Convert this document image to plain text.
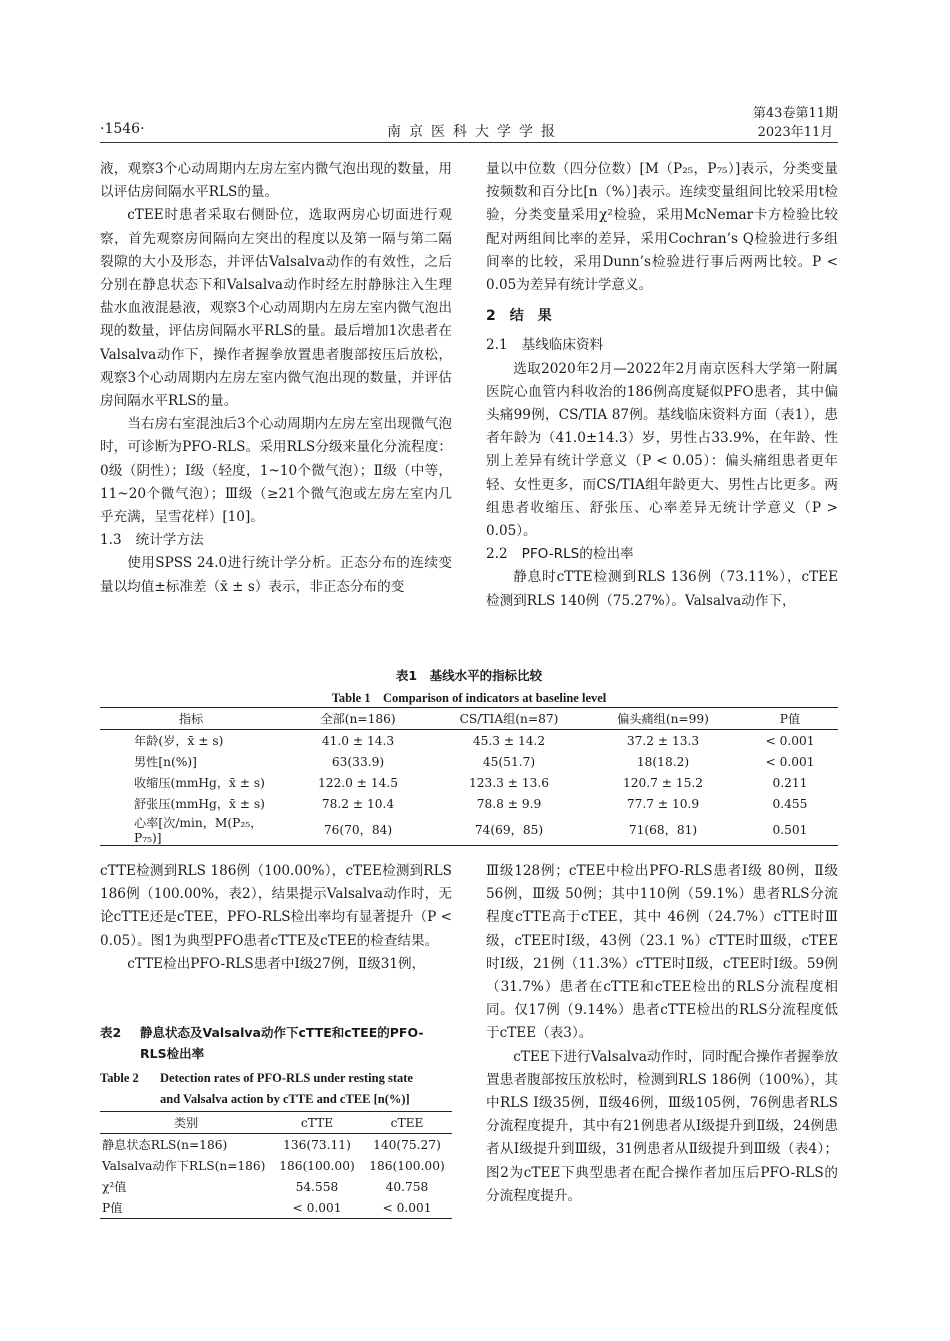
·1546·	南京医科大学学报
第43卷第11期
2023年11月

液，观察3个心动周期内左房左室内微气泡出现的数量，用以评估房间隔水平RLS的量。

cTEE时患者采取右侧卧位，选取两房心切面进行观察，首先观察房间隔向左突出的程度以及第一隔与第二隔裂隙的大小及形态，并评估Valsalva动作的有效性，之后分别在静息状态下和Valsalva动作时经左肘静脉注入生理盐水血液混悬液，观察3个心动周期内左房左室内微气泡出现的数量，评估房间隔水平RLS的量。最后增加1次患者在Valsalva动作下，操作者握拳放置患者腹部按压后放松，观察3个心动周期内左房左室内微气泡出现的数量，并评估房间隔水平RLS的量。

当右房右室混浊后3个心动周期内左房左室出现微气泡时，可诊断为PFO-RLS。采用RLS分级来量化分流程度：0级（阴性）；Ⅰ级（轻度，1~10个微气泡）；Ⅱ级（中等，11~20个微气泡）；Ⅲ级（≥21个微气泡或左房左室内几乎充满，呈雪花样）[10]。

1.3 统计学方法

使用SPSS 24.0进行统计学分析。正态分布的连续变量以均值±标准差（x̄ ± s）表示，非正态分布的变

量以中位数（四分位数）[M（P₂₅，P₇₅）]表示，分类变量按频数和百分比[n（%）]表示。连续变量组间比较采用t检验，分类变量采用χ²检验，采用McNemar卡方检验比较配对两组间比率的差异，采用Cochran’s Q检验进行多组间率的比较，采用Dunn’s检验进行事后两两比较。P < 0.05为差异有统计学意义。

2　结　果

2.1 基线临床资料

选取2020年2月—2022年2月南京医科大学第一附属医院心血管内科收治的186例高度疑似PFO患者，其中偏头痛99例，CS/TIA 87例。基线临床资料方面（表1），患者年龄为（41.0±14.3）岁，男性占33.9%，在年龄、性别上差异有统计学意义（P < 0.05）：偏头痛组患者更年轻、女性更多，而CS/TIA组年龄更大、男性占比更多。两组患者收缩压、舒张压、心率差异无统计学意义（P > 0.05）。

2.2 PFO-RLS的检出率

静息时cTTE检测到RLS 136例（73.11%），cTEE检测到RLS 140例（75.27%）。Valsalva动作下，

表1　基线水平的指标比较
Table 1　Comparison of indicators at baseline level
指标	全部(n=186)	CS/TIA组(n=87)	偏头痛组(n=99)	P值
年龄(岁，x̄ ± s)	41.0 ± 14.3	45.3 ± 14.2	37.2 ± 13.3	< 0.001
男性[n(%)]	63(33.9)	45(51.7)	18(18.2)	< 0.001
收缩压(mmHg，x̄ ± s)	122.0 ± 14.5	123.3 ± 13.6	120.7 ± 15.2	0.211
舒张压(mmHg，x̄ ± s)	78.2 ± 10.4	78.8 ± 9.9	77.7 ± 10.9	0.455
心率[次/min，M(P₂₅，P₇₅)]	76(70，84)	74(69，85)	71(68，81)	0.501

cTTE检测到RLS 186例（100.00%），cTEE检测到RLS 186例（100.00%，表2），结果提示Valsalva动作时，无论cTTE还是cTEE，PFO-RLS检出率均有显著提升（P < 0.05）。图1为典型PFO患者cTTE及cTEE的检查结果。

cTTE检出PFO-RLS患者中Ⅰ级27例，Ⅱ级31例，

表2	静息状态及Valsalva动作下cTTE和cTEE的PFO-
RLS检出率
Table 2	Detection rates of PFO-RLS under resting state
and Valsalva action by cTTE and cTEE [n(%)]
类别	cTTE	cTEE
静息状态RLS(n=186)	136(73.11)	140(75.27)
Valsalva动作下RLS(n=186)	186(100.00)	186(100.00)
χ²值	54.558	40.758
P值	< 0.001	< 0.001

Ⅲ级128例；cTEE中检出PFO-RLS患者Ⅰ级 80例，Ⅱ级 56例，Ⅲ级 50例；其中110例（59.1%）患者RLS分流程度cTTE高于cTEE，其中 46例（24.7%）cTTE时Ⅲ级，cTEE时Ⅰ级，43例（23.1 %）cTTE时Ⅲ级，cTEE时Ⅰ级，21例（11.3%）cTTE时Ⅱ级，cTEE时Ⅰ级。59例（31.7%）患者在cTTE和cTEE检出的RLS分流程度相同。仅17例（9.14%）患者cTTE检出的RLS分流程度低于cTEE（表3）。

cTEE下进行Valsalva动作时，同时配合操作者握拳放置患者腹部按压放松时，检测到RLS 186例（100%），其中RLS Ⅰ级35例，Ⅱ级46例，Ⅲ级105例，76例患者RLS分流程度提升，其中有21例患者从Ⅰ级提升到Ⅱ级，24例患者从Ⅰ级提升到Ⅲ级，31例患者从Ⅱ级提升到Ⅲ级（表4）；图2为cTEE下典型患者在配合操作者加压后PFO-RLS的分流程度提升。
